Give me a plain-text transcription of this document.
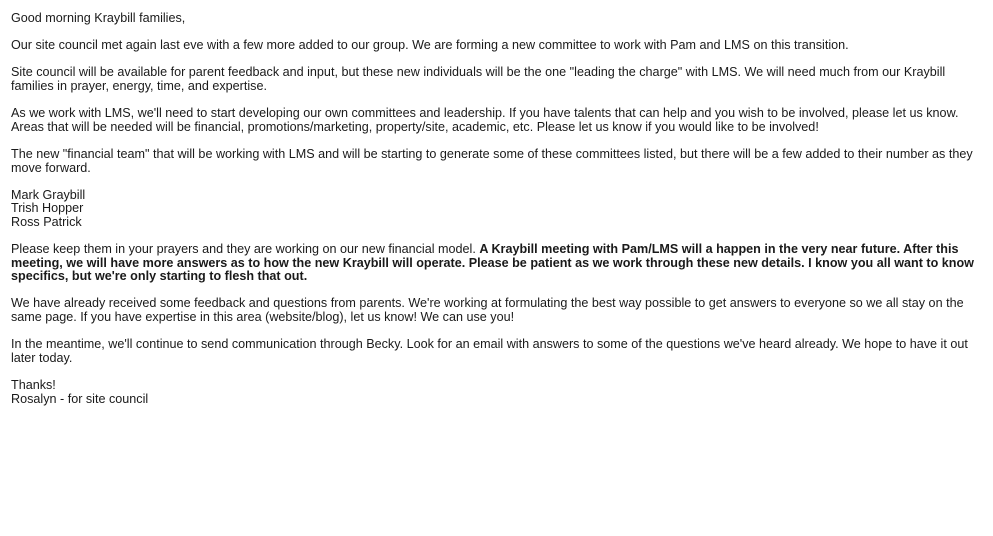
Good morning Kraybill families,

Our site council met again last eve with a few more added to our group. We are forming a new committee to work with Pam and LMS on this transition.

Site council will be available for parent feedback and input, but these new individuals will be the one "leading the charge" with LMS. We will need much from our Kraybill families in prayer, energy, time, and expertise.

As we work with LMS, we'll need to start developing our own committees and leadership. If you have talents that can help and you wish to be involved, please let us know. Areas that will be needed will be financial, promotions/marketing, property/site, academic, etc. Please let us know if you would like to be involved!

The new "financial team" that will be working with LMS and will be starting to generate some of these committees listed, but there will be a few added to their number as they move forward.

Mark Graybill
Trish Hopper
Ross Patrick

Please keep them in your prayers and they are working on our new financial model. A Kraybill meeting with Pam/LMS will a happen in the very near future. After this meeting, we will have more answers as to how the new Kraybill will operate. Please be patient as we work through these new details. I know you all want to know specifics, but we're only starting to flesh that out.

We have already received some feedback and questions from parents. We're working at formulating the best way possible to get answers to everyone so we all stay on the same page. If you have expertise in this area (website/blog), let us know! We can use you!

In the meantime, we'll continue to send communication through Becky. Look for an email with answers to some of the questions we've heard already. We hope to have it out later today.

Thanks!
Rosalyn - for site council
